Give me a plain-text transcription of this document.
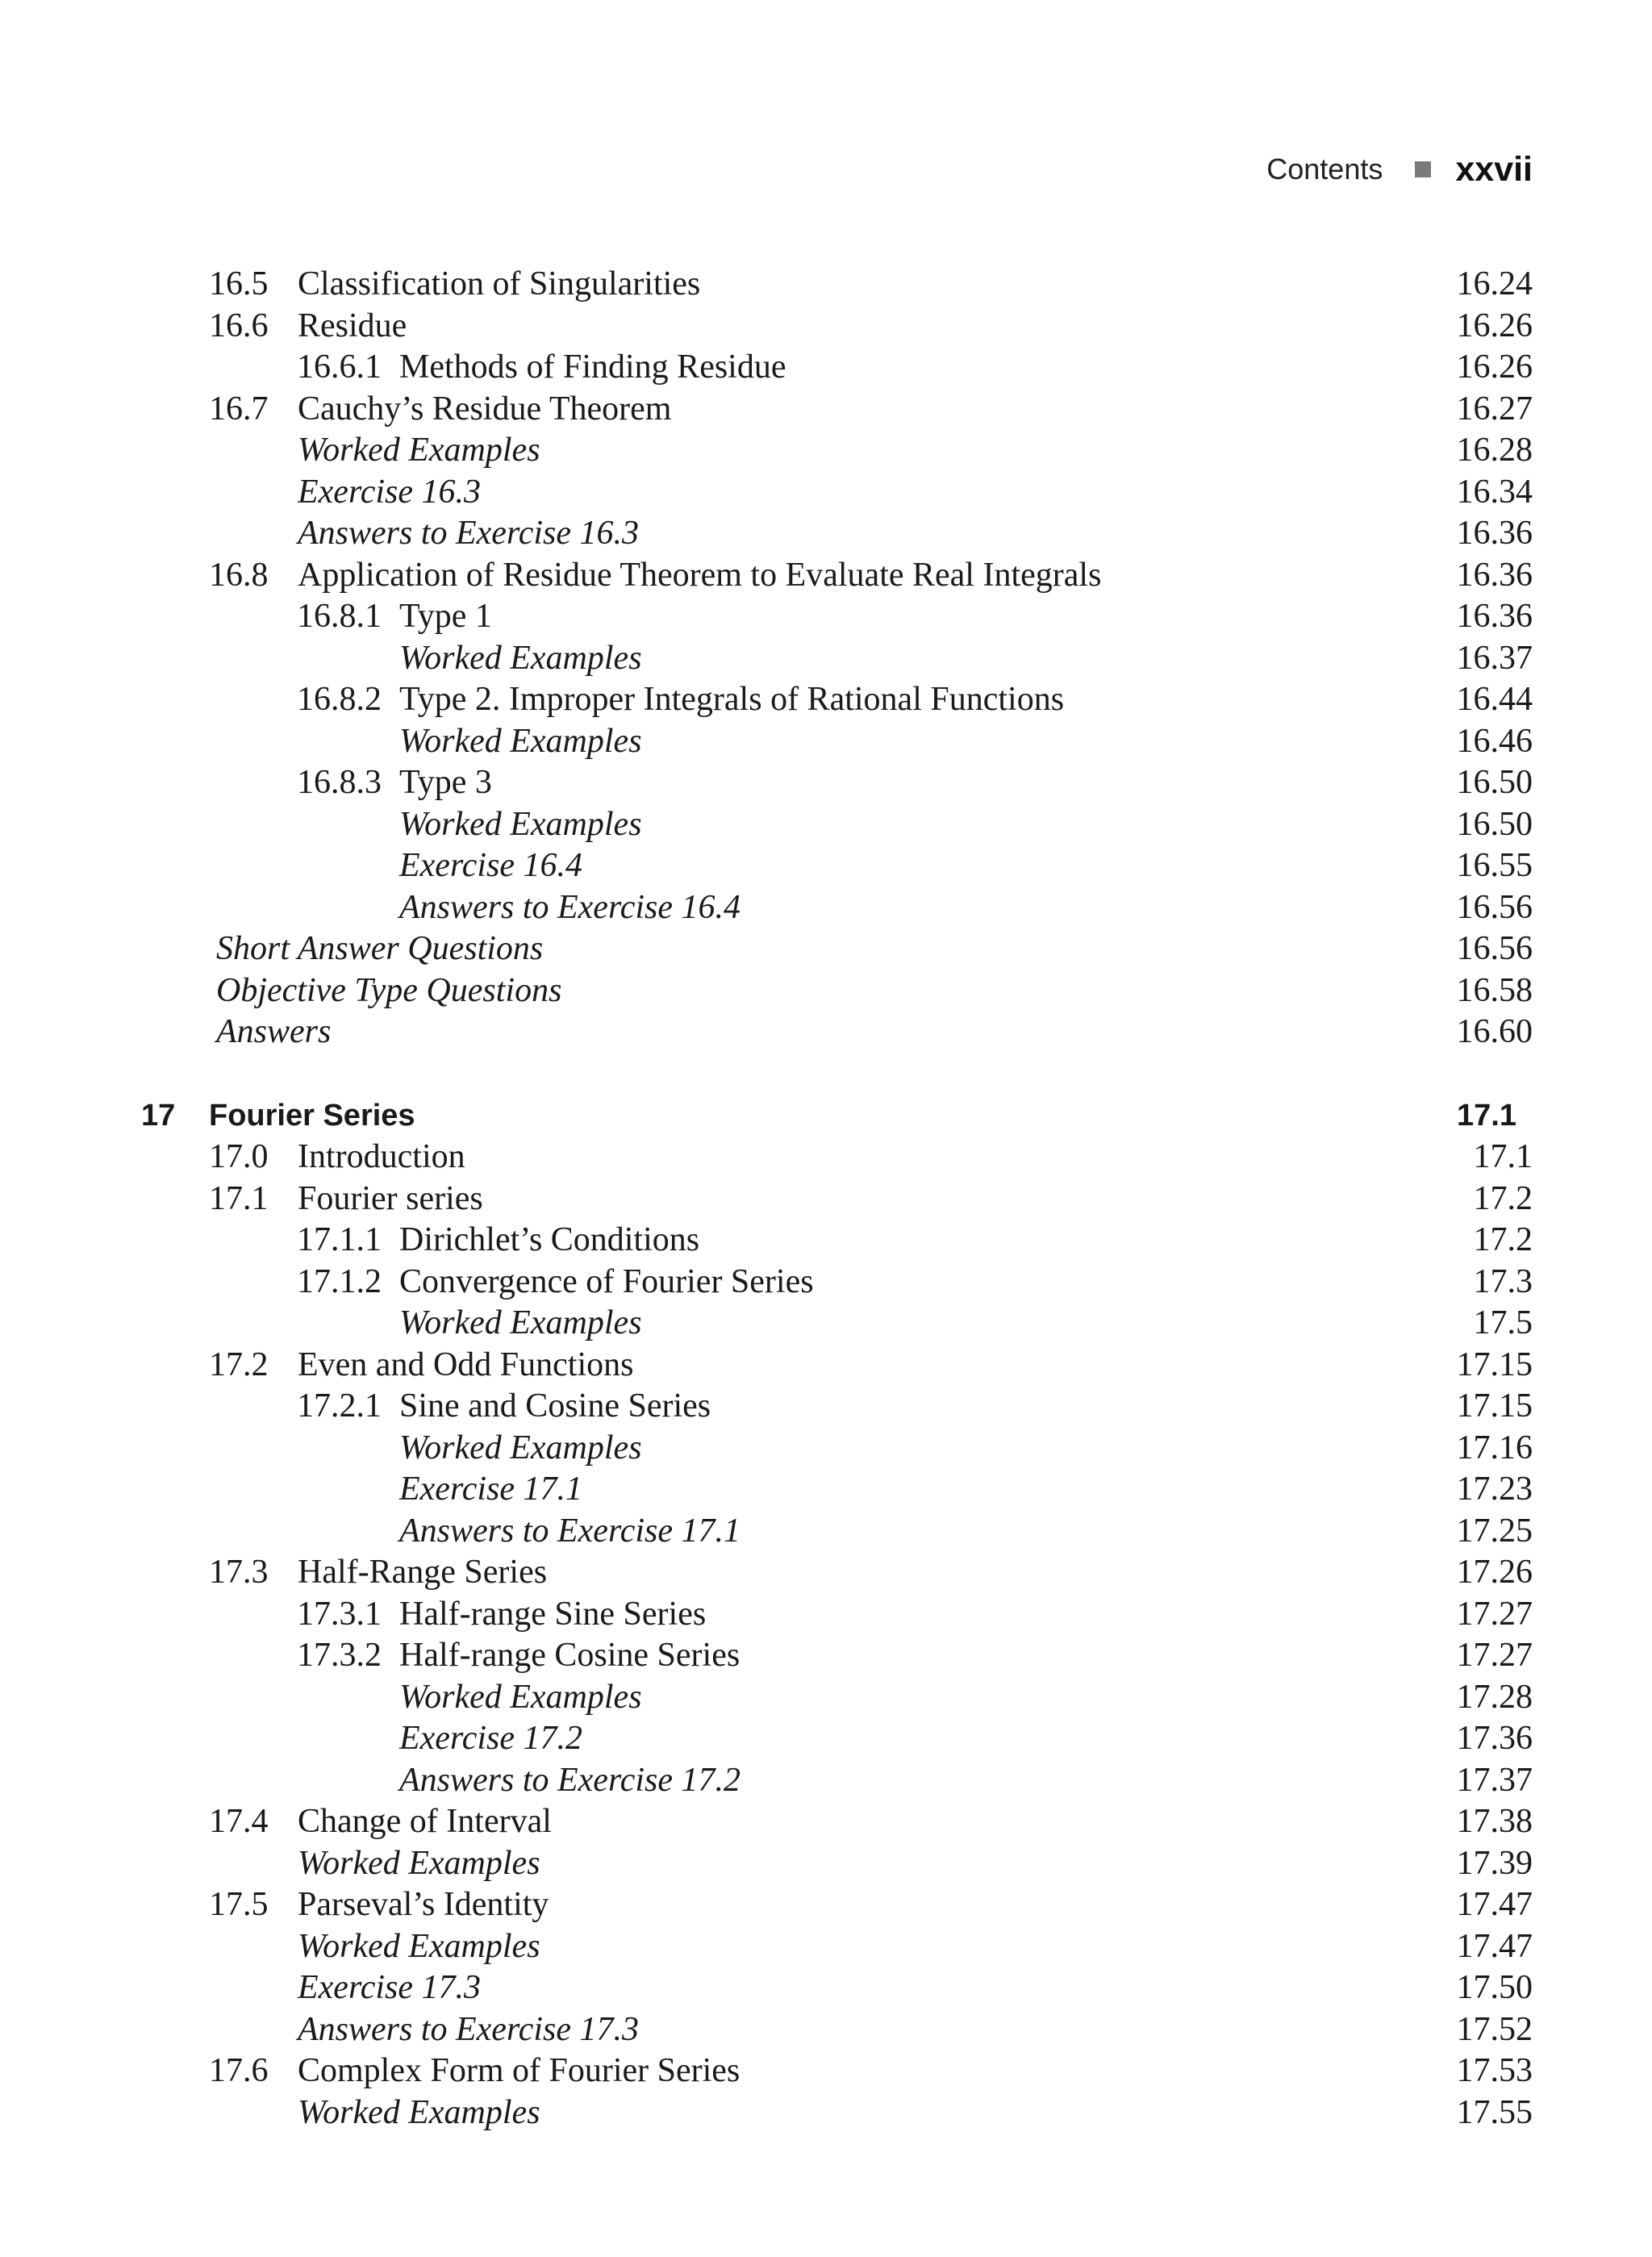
Contents xxvii
16.5 Classification of Singularities	16.24
16.6 Residue	16.26
16.6.1 Methods of Finding Residue	16.26
16.7 Cauchy’s Residue Theorem	16.27
Worked Examples	16.28
Exercise 16.3	16.34
Answers to Exercise 16.3	16.36
16.8 Application of Residue Theorem to Evaluate Real Integrals	16.36
16.8.1 Type 1	16.36
Worked Examples	16.37
16.8.2 Type 2. Improper Integrals of Rational Functions	16.44
Worked Examples	16.46
16.8.3 Type 3	16.50
Worked Examples	16.50
Exercise 16.4	16.55
Answers to Exercise 16.4	16.56
Short Answer Questions	16.56
Objective Type Questions	16.58
Answers	16.60
17 Fourier Series	17.1
17.0 Introduction	17.1
17.1 Fourier series	17.2
17.1.1 Dirichlet’s Conditions	17.2
17.1.2 Convergence of Fourier Series	17.3
Worked Examples	17.5
17.2 Even and Odd Functions	17.15
17.2.1 Sine and Cosine Series	17.15
Worked Examples	17.16
Exercise 17.1	17.23
Answers to Exercise 17.1	17.25
17.3 Half-Range Series	17.26
17.3.1 Half-range Sine Series	17.27
17.3.2 Half-range Cosine Series	17.27
Worked Examples	17.28
Exercise 17.2	17.36
Answers to Exercise 17.2	17.37
17.4 Change of Interval	17.38
Worked Examples	17.39
17.5 Parseval’s Identity	17.47
Worked Examples	17.47
Exercise 17.3	17.50
Answers to Exercise 17.3	17.52
17.6 Complex Form of Fourier Series	17.53
Worked Examples	17.55
